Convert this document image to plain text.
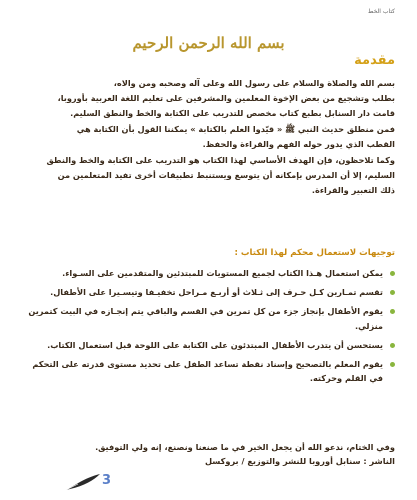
كتاب الخط
بسم الله الرحمن الرحيم
مقدمة

بسم الله والصلاة والسلام على رسول الله وعلى آله وصحبه ومن والاه،

بطلب وتشجيع من بعض الإخوة المعلمين والمشرفين على تعليم اللغة العربية بأوروبا،

قامت دار السنابل بطبع كتاب مخصص للتدريب على الكتابة والخط والنطق السليم.

فمن منطلق حديث النبي ﷺ « قيّدوا العلم بالكتابة » يمكننا القول بأن الكتابة هي

القطب الذي يدور حوله الفهم والقراءة والحفظ.

وكما تلاحظون، فإن الهدف الأساسي لهذا الكتاب هو التدريب على الكتابة والخط والنطق

السليم، إلا أن المدرس بإمكانه أن يتوسع ويستنبط تطبيقات أخرى تفيد المتعلمين من

ذلك التعبير والقراءة.

توجيهات لاستعمال محكم لهذا الكتاب :
يمكن استعمال هـذا الكتاب لجميع المستويات للمبتدئين والمتقدمين على السـواء.
تقسم تمـارين كـل حـرف إلى ثـلاث أو أربـع مـراحل تخفيـفا وتيسـيرا على الأطفال.
يقوم الأطفال بإنجاز جزء من كل تمرين في القسم والباقي يتم إنجـازه في البيت كتمرين منزلي.
يستحسن أن يتدرب الأطفال المبتدئون على الكتابة على اللوحة قبل استعمال الكتاب.
يقوم المعلم بالتصحيح وإسناد نقطة تساعد الطفل على تحديد مستوى قدرته على التحكم في القلم وحركته.

وفي الختام، ندعو الله أن يجعل الخير في ما صنعنا ونصنع، إنه ولي التوفيق.

الناشر : سنابل أوروبا للنشر والتوزيع / بروكسل

3
